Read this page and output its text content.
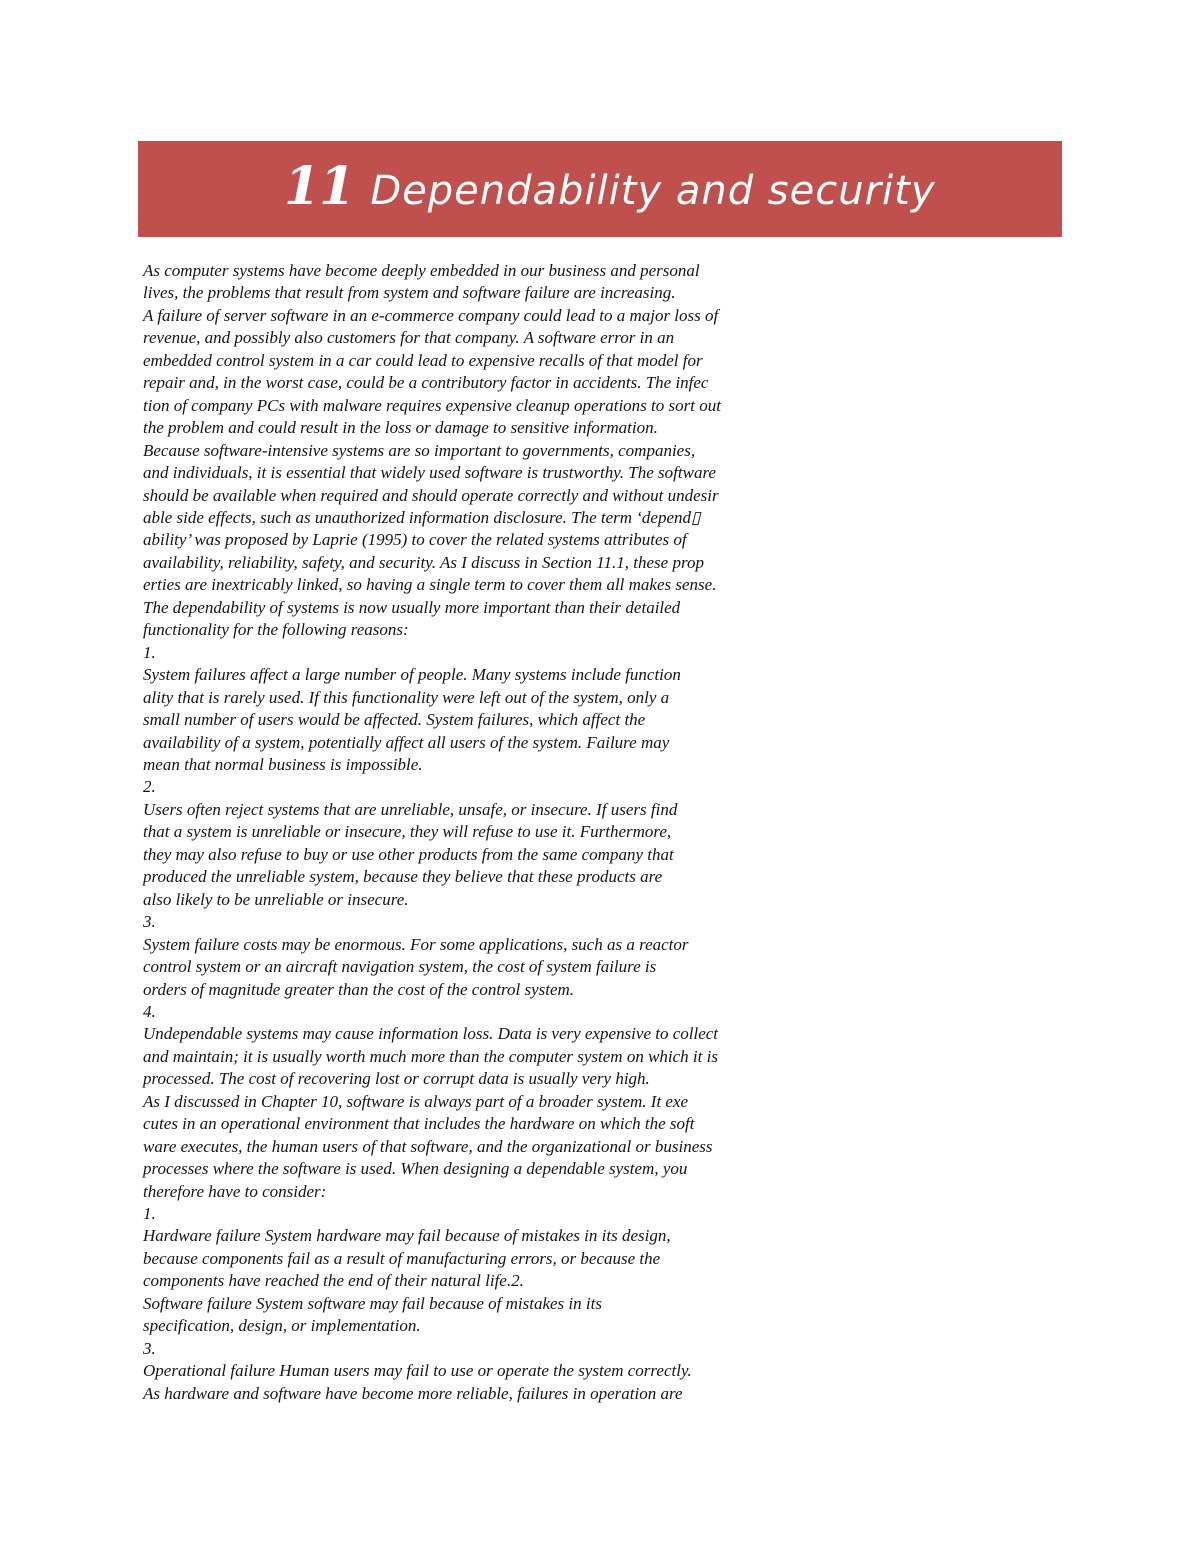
11 Dependability and security
As computer systems have become deeply embedded in our business and personal
lives, the problems that result from system and software failure are increasing.
A failure of server software in an e-commerce company could lead to a major loss of
revenue, and possibly also customers for that company. A software error in an
embedded control system in a car could lead to expensive recalls of that model for
repair and, in the worst case, could be a contributory factor in accidents. The infec
tion of company PCs with malware requires expensive cleanup operations to sort out
the problem and could result in the loss or damage to sensitive information.
Because software-intensive systems are so important to governments, companies,
and individuals, it is essential that widely used software is trustworthy. The software
should be available when required and should operate correctly and without undesir
able side effects, such as unauthorized information disclosure. The term ‘depend▯
ability’ was proposed by Laprie (1995) to cover the related systems attributes of
availability, reliability, safety, and security. As I discuss in Section 11.1, these prop
erties are inextricably linked, so having a single term to cover them all makes sense.
The dependability of systems is now usually more important than their detailed
functionality for the following reasons:
1.
System failures affect a large number of people. Many systems include function
ality that is rarely used. If this functionality were left out of the system, only a
small number of users would be affected. System failures, which affect the
availability of a system, potentially affect all users of the system. Failure may
mean that normal business is impossible.
2.
Users often reject systems that are unreliable, unsafe, or insecure. If users find
that a system is unreliable or insecure, they will refuse to use it. Furthermore,
they may also refuse to buy or use other products from the same company that
produced the unreliable system, because they believe that these products are
also likely to be unreliable or insecure.
3.
System failure costs may be enormous. For some applications, such as a reactor
control system or an aircraft navigation system, the cost of system failure is
orders of magnitude greater than the cost of the control system.
4.
Undependable systems may cause information loss. Data is very expensive to collect
and maintain; it is usually worth much more than the computer system on which it is
processed. The cost of recovering lost or corrupt data is usually very high.
As I discussed in Chapter 10, software is always part of a broader system. It exe
cutes in an operational environment that includes the hardware on which the soft
ware executes, the human users of that software, and the organizational or business
processes where the software is used. When designing a dependable system, you
therefore have to consider:
1.
Hardware failure System hardware may fail because of mistakes in its design,
because components fail as a result of manufacturing errors, or because the
components have reached the end of their natural life.2.
Software failure System software may fail because of mistakes in its
specification, design, or implementation.
3.
Operational failure Human users may fail to use or operate the system correctly.
As hardware and software have become more reliable, failures in operation are
